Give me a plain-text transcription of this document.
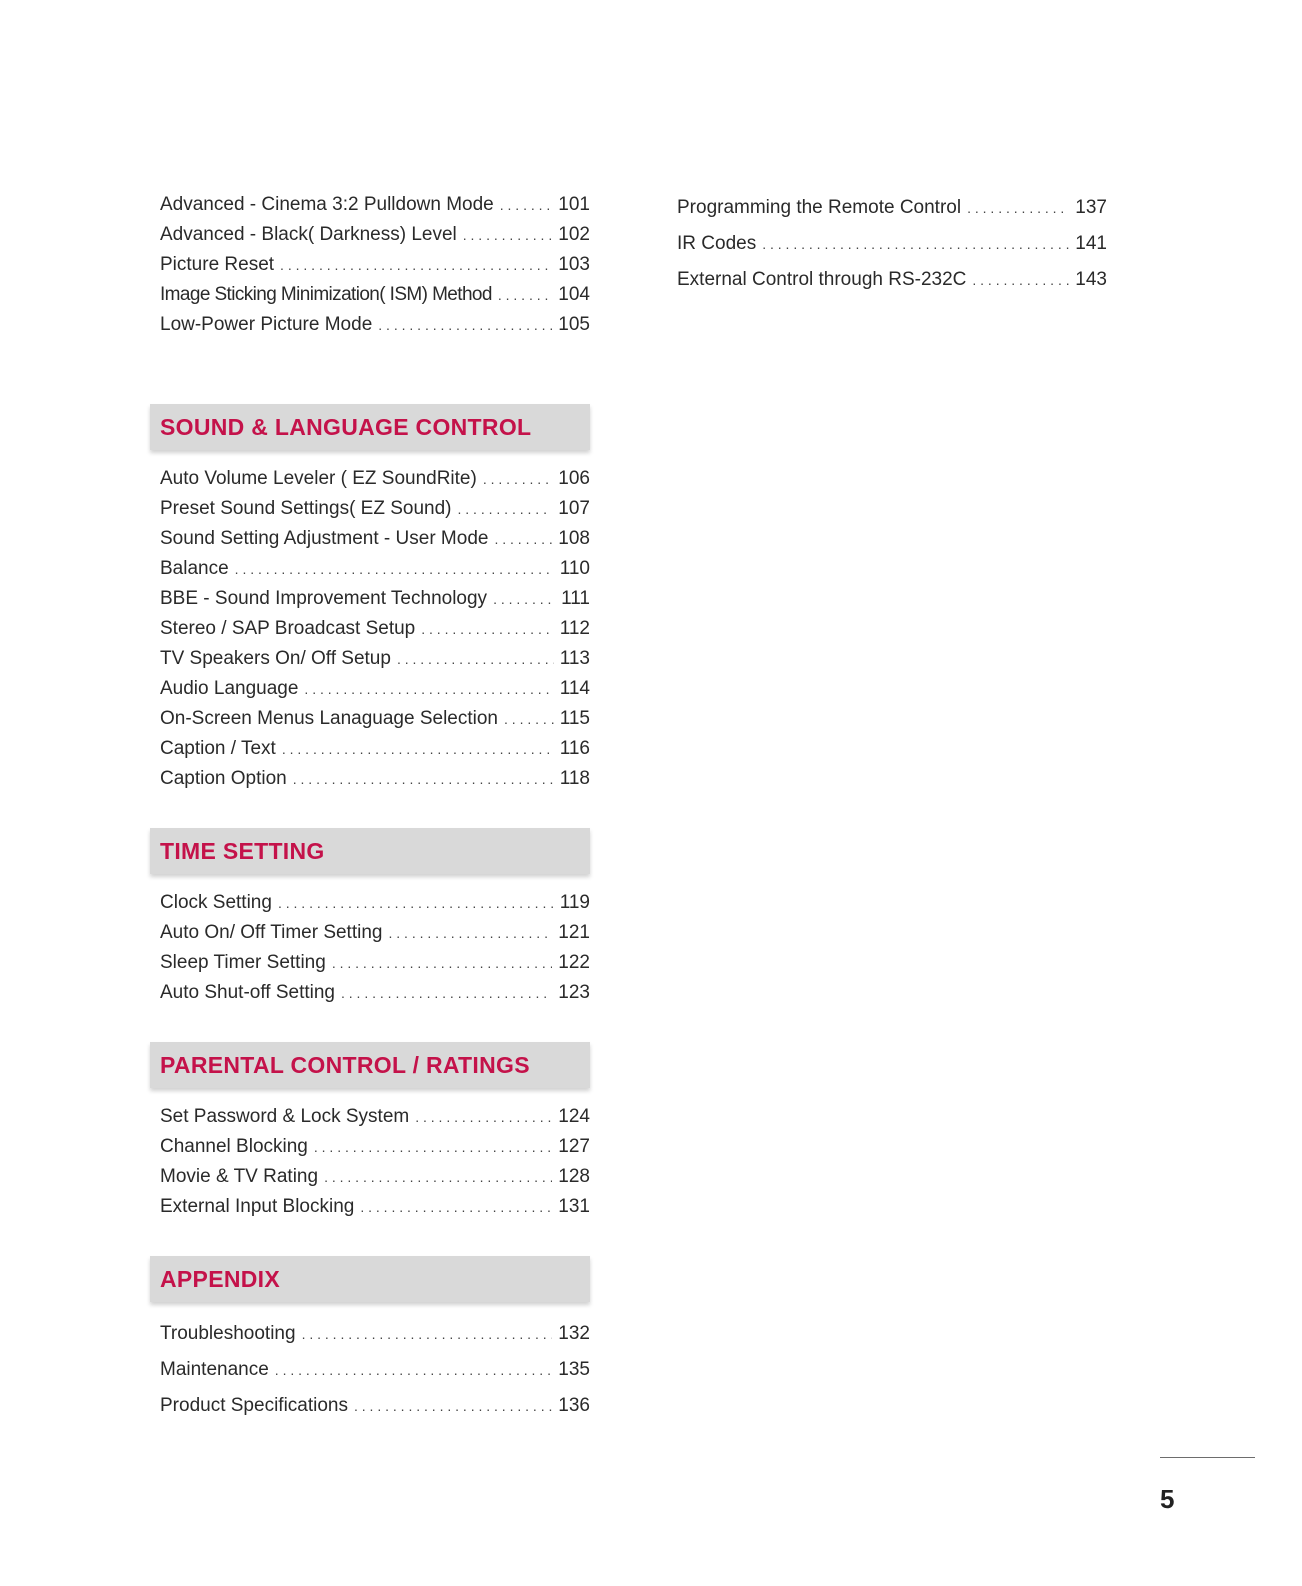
Advanced - Cinema 3:2 Pulldown Mode . . .	101
Advanced - Black( Darkness) Level . . .	102
Picture Reset . . .	103
Image Sticking Minimization( ISM) Method . . .	104
Low-Power Picture Mode . . .	105
SOUND & LANGUAGE CONTROL
Auto Volume Leveler ( EZ SoundRite) . . .	106
Preset Sound Settings( EZ Sound) . . .	107
Sound Setting Adjustment - User Mode . . .	108
Balance . . .	110
BBE - Sound Improvement Technology . . .	111
Stereo / SAP Broadcast Setup . . .	112
TV Speakers On/ Off Setup . . .	113
Audio Language . . .	114
On-Screen Menus Lanaguage Selection . . .	115
Caption / Text . . .	116
Caption Option . . .	118
TIME SETTING
Clock Setting . . .	119
Auto On/ Off Timer Setting . . .	121
Sleep Timer Setting . . .	122
Auto Shut-off Setting . . .	123
PARENTAL CONTROL / RATINGS
Set Password & Lock System . . .	124
Channel Blocking . . .	127
Movie & TV Rating . . .	128
External Input Blocking . . .	131
APPENDIX
Troubleshooting . . .	132
Maintenance . . .	135
Product Specifications . . .	136
Programming the Remote Control . . .	137
IR Codes . . .	141
External Control through RS-232C . . .	143
5
